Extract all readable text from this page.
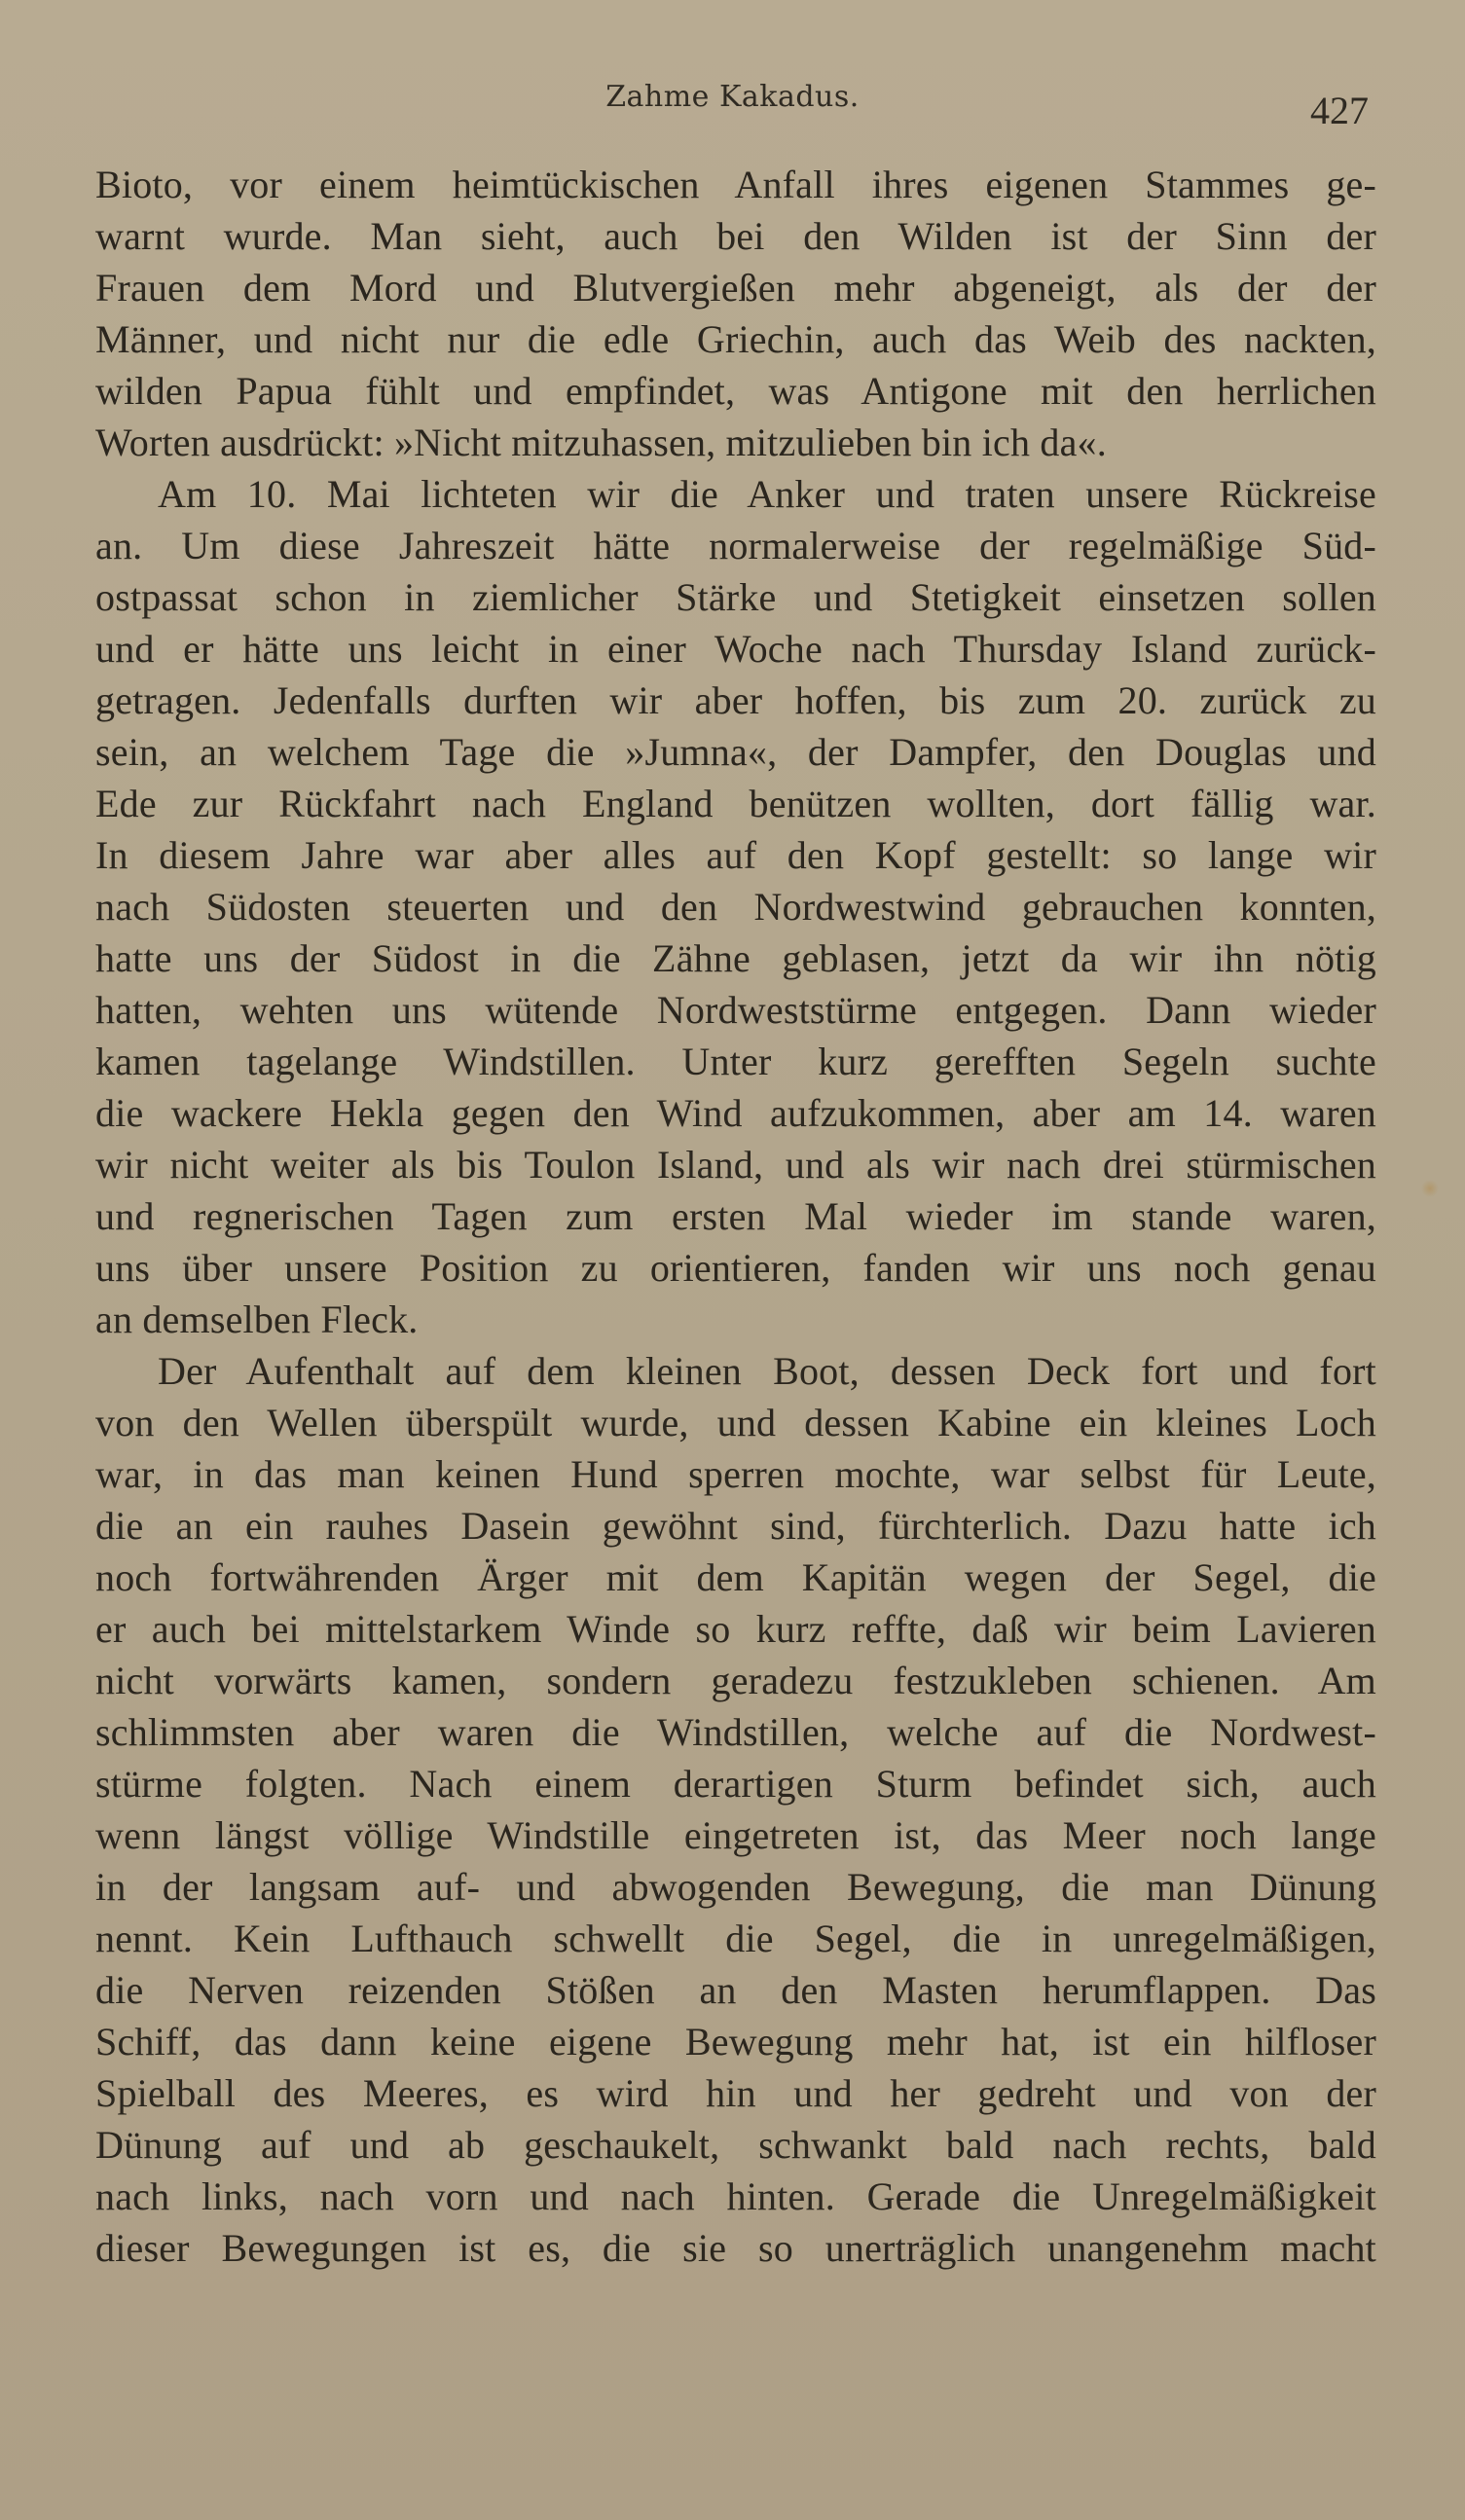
Zahme Kakadus.	427
Bioto, vor einem heimtückischen Anfall ihres eigenen Stammes ge-
warnt wurde. Man sieht, auch bei den Wilden ist der Sinn der
Frauen dem Mord und Blutvergießen mehr abgeneigt, als der der
Männer, und nicht nur die edle Griechin, auch das Weib des nackten,
wilden Papua fühlt und empfindet, was Antigone mit den herrlichen
Worten ausdrückt: »Nicht mitzuhassen, mitzulieben bin ich da«.
Am 10. Mai lichteten wir die Anker und traten unsere Rückreise
an. Um diese Jahreszeit hätte normalerweise der regelmäßige Süd-
ostpassat schon in ziemlicher Stärke und Stetigkeit einsetzen sollen
und er hätte uns leicht in einer Woche nach Thursday Island zurück-
getragen. Jedenfalls durften wir aber hoffen, bis zum 20. zurück zu
sein, an welchem Tage die »Jumna«, der Dampfer, den Douglas und
Ede zur Rückfahrt nach England benützen wollten, dort fällig war.
In diesem Jahre war aber alles auf den Kopf gestellt: so lange wir
nach Südosten steuerten und den Nordwestwind gebrauchen konnten,
hatte uns der Südost in die Zähne geblasen, jetzt da wir ihn nötig
hatten, wehten uns wütende Nordweststürme entgegen. Dann wieder
kamen tagelange Windstillen. Unter kurz gerefften Segeln suchte
die wackere Hekla gegen den Wind aufzukommen, aber am 14. waren
wir nicht weiter als bis Toulon Island, und als wir nach drei stürmischen
und regnerischen Tagen zum ersten Mal wieder im stande waren,
uns über unsere Position zu orientieren, fanden wir uns noch genau
an demselben Fleck.
Der Aufenthalt auf dem kleinen Boot, dessen Deck fort und fort
von den Wellen überspült wurde, und dessen Kabine ein kleines Loch
war, in das man keinen Hund sperren mochte, war selbst für Leute,
die an ein rauhes Dasein gewöhnt sind, fürchterlich. Dazu hatte ich
noch fortwährenden Ärger mit dem Kapitän wegen der Segel, die
er auch bei mittelstarkem Winde so kurz reffte, daß wir beim Lavieren
nicht vorwärts kamen, sondern geradezu festzukleben schienen. Am
schlimmsten aber waren die Windstillen, welche auf die Nordwest-
stürme folgten. Nach einem derartigen Sturm befindet sich, auch
wenn längst völlige Windstille eingetreten ist, das Meer noch lange
in der langsam auf- und abwogenden Bewegung, die man Dünung
nennt. Kein Lufthauch schwellt die Segel, die in unregelmäßigen,
die Nerven reizenden Stößen an den Masten herumflappen. Das
Schiff, das dann keine eigene Bewegung mehr hat, ist ein hilfloser
Spielball des Meeres, es wird hin und her gedreht und von der
Dünung auf und ab geschaukelt, schwankt bald nach rechts, bald
nach links, nach vorn und nach hinten. Gerade die Unregelmäßigkeit
dieser Bewegungen ist es, die sie so unerträglich unangenehm macht
